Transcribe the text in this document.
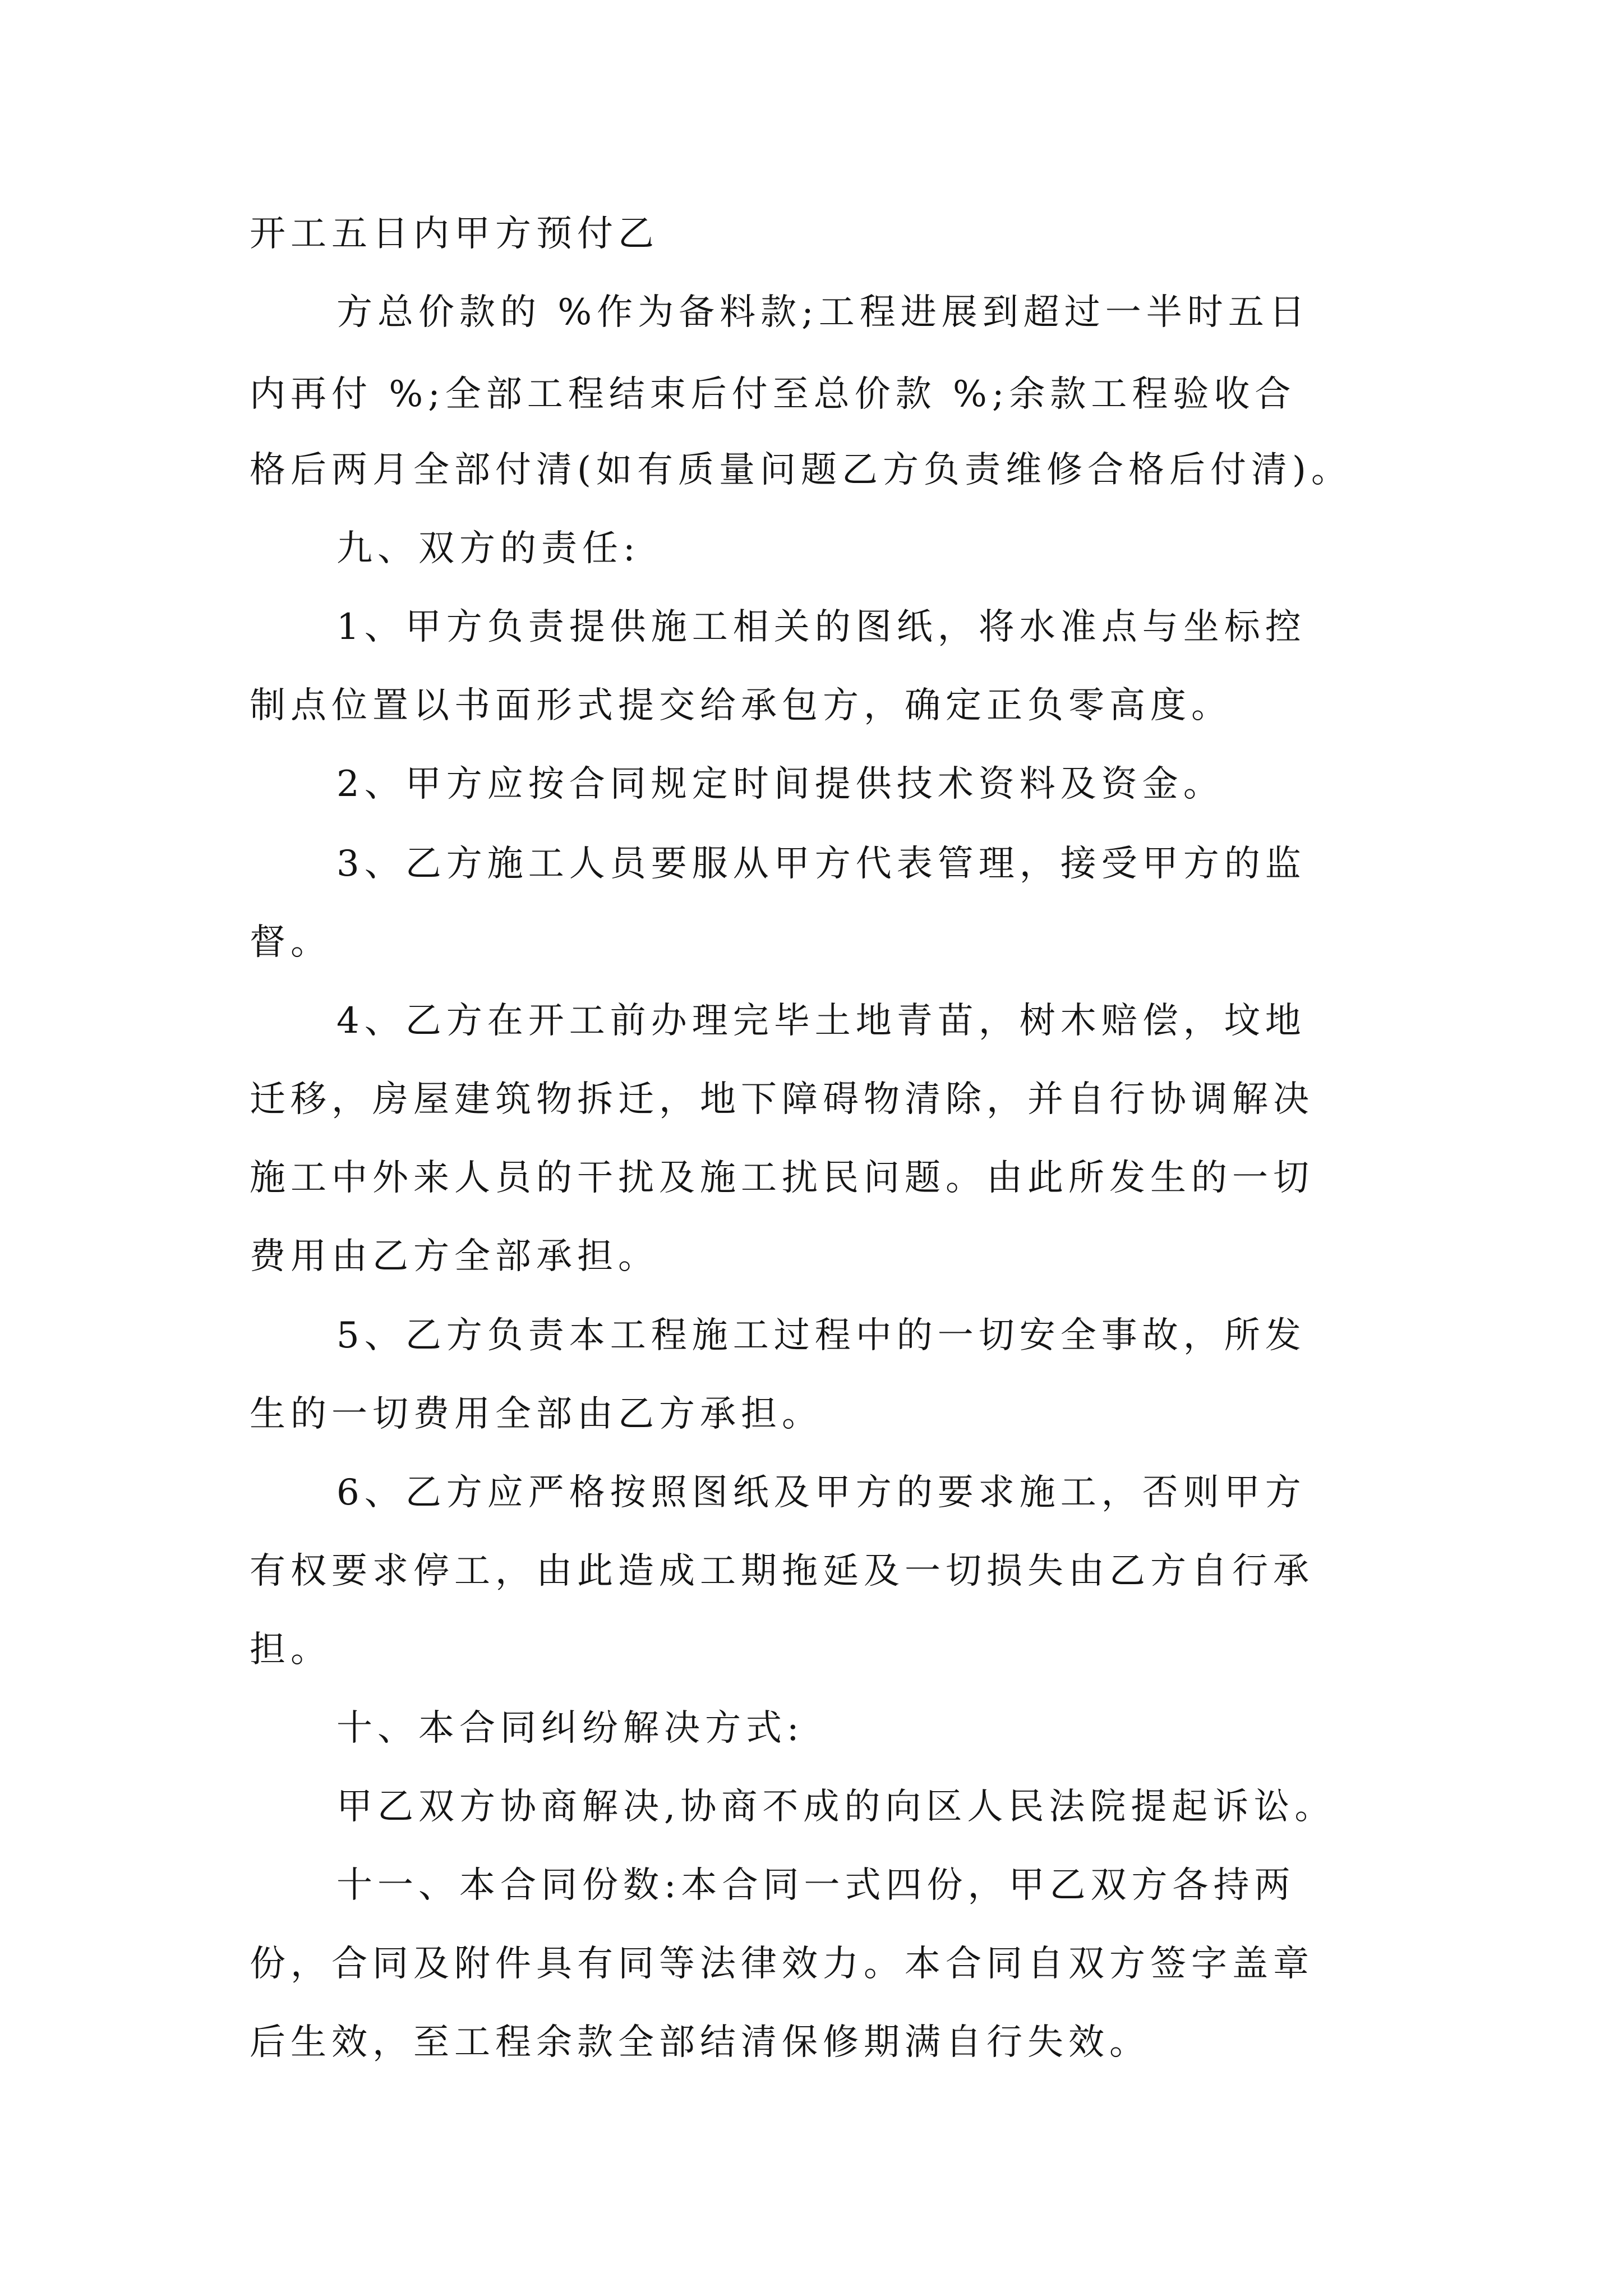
开工五日内甲方预付乙

方总价款的 %作为备料款;工程进展到超过一半时五日

内再付 %;全部工程结束后付至总价款 %;余款工程验收合

格后两月全部付清(如有质量问题乙方负责维修合格后付清)。

九、双方的责任:

1、甲方负责提供施工相关的图纸，将水准点与坐标控

制点位置以书面形式提交给承包方，确定正负零高度。

2、甲方应按合同规定时间提供技术资料及资金。

3、乙方施工人员要服从甲方代表管理，接受甲方的监

督。

4、乙方在开工前办理完毕土地青苗，树木赔偿，坟地

迁移，房屋建筑物拆迁，地下障碍物清除，并自行协调解决

施工中外来人员的干扰及施工扰民问题。由此所发生的一切

费用由乙方全部承担。

5、乙方负责本工程施工过程中的一切安全事故，所发

生的一切费用全部由乙方承担。

6、乙方应严格按照图纸及甲方的要求施工，否则甲方

有权要求停工，由此造成工期拖延及一切损失由乙方自行承

担。

十、本合同纠纷解决方式:

甲乙双方协商解决,协商不成的向区人民法院提起诉讼。

十一、本合同份数:本合同一式四份，甲乙双方各持两

份，合同及附件具有同等法律效力。本合同自双方签字盖章

后生效，至工程余款全部结清保修期满自行失效。
